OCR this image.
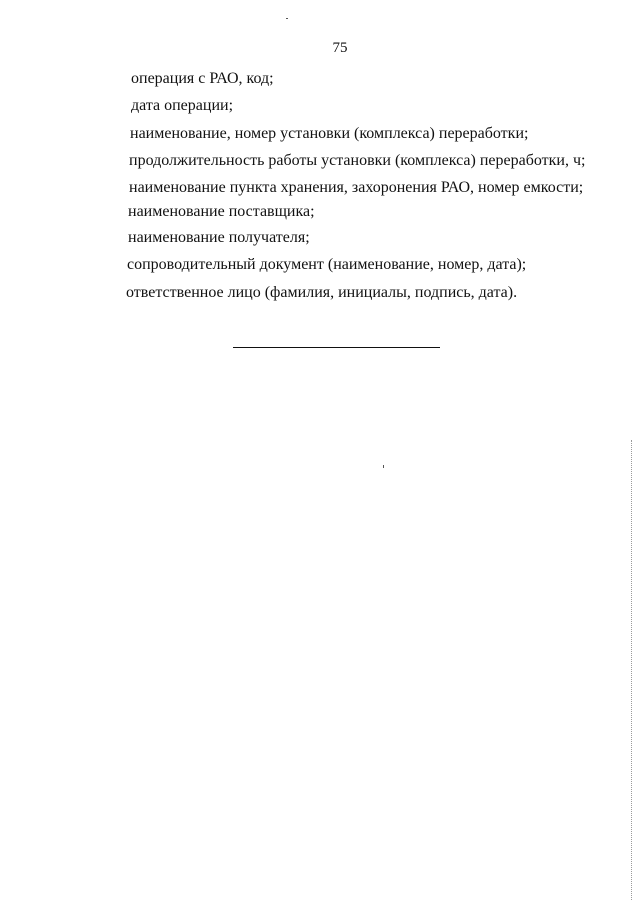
75
операция с РАО, код;
дата операции;
наименование, номер установки (комплекса) переработки;
продолжительность работы установки (комплекса) переработки, ч;
наименование пункта хранения, захоронения РАО, номер емкости;
наименование поставщика;
наименование получателя;
сопроводительный документ (наименование, номер, дата);
ответственное лицо (фамилия, инициалы, подпись, дата).
